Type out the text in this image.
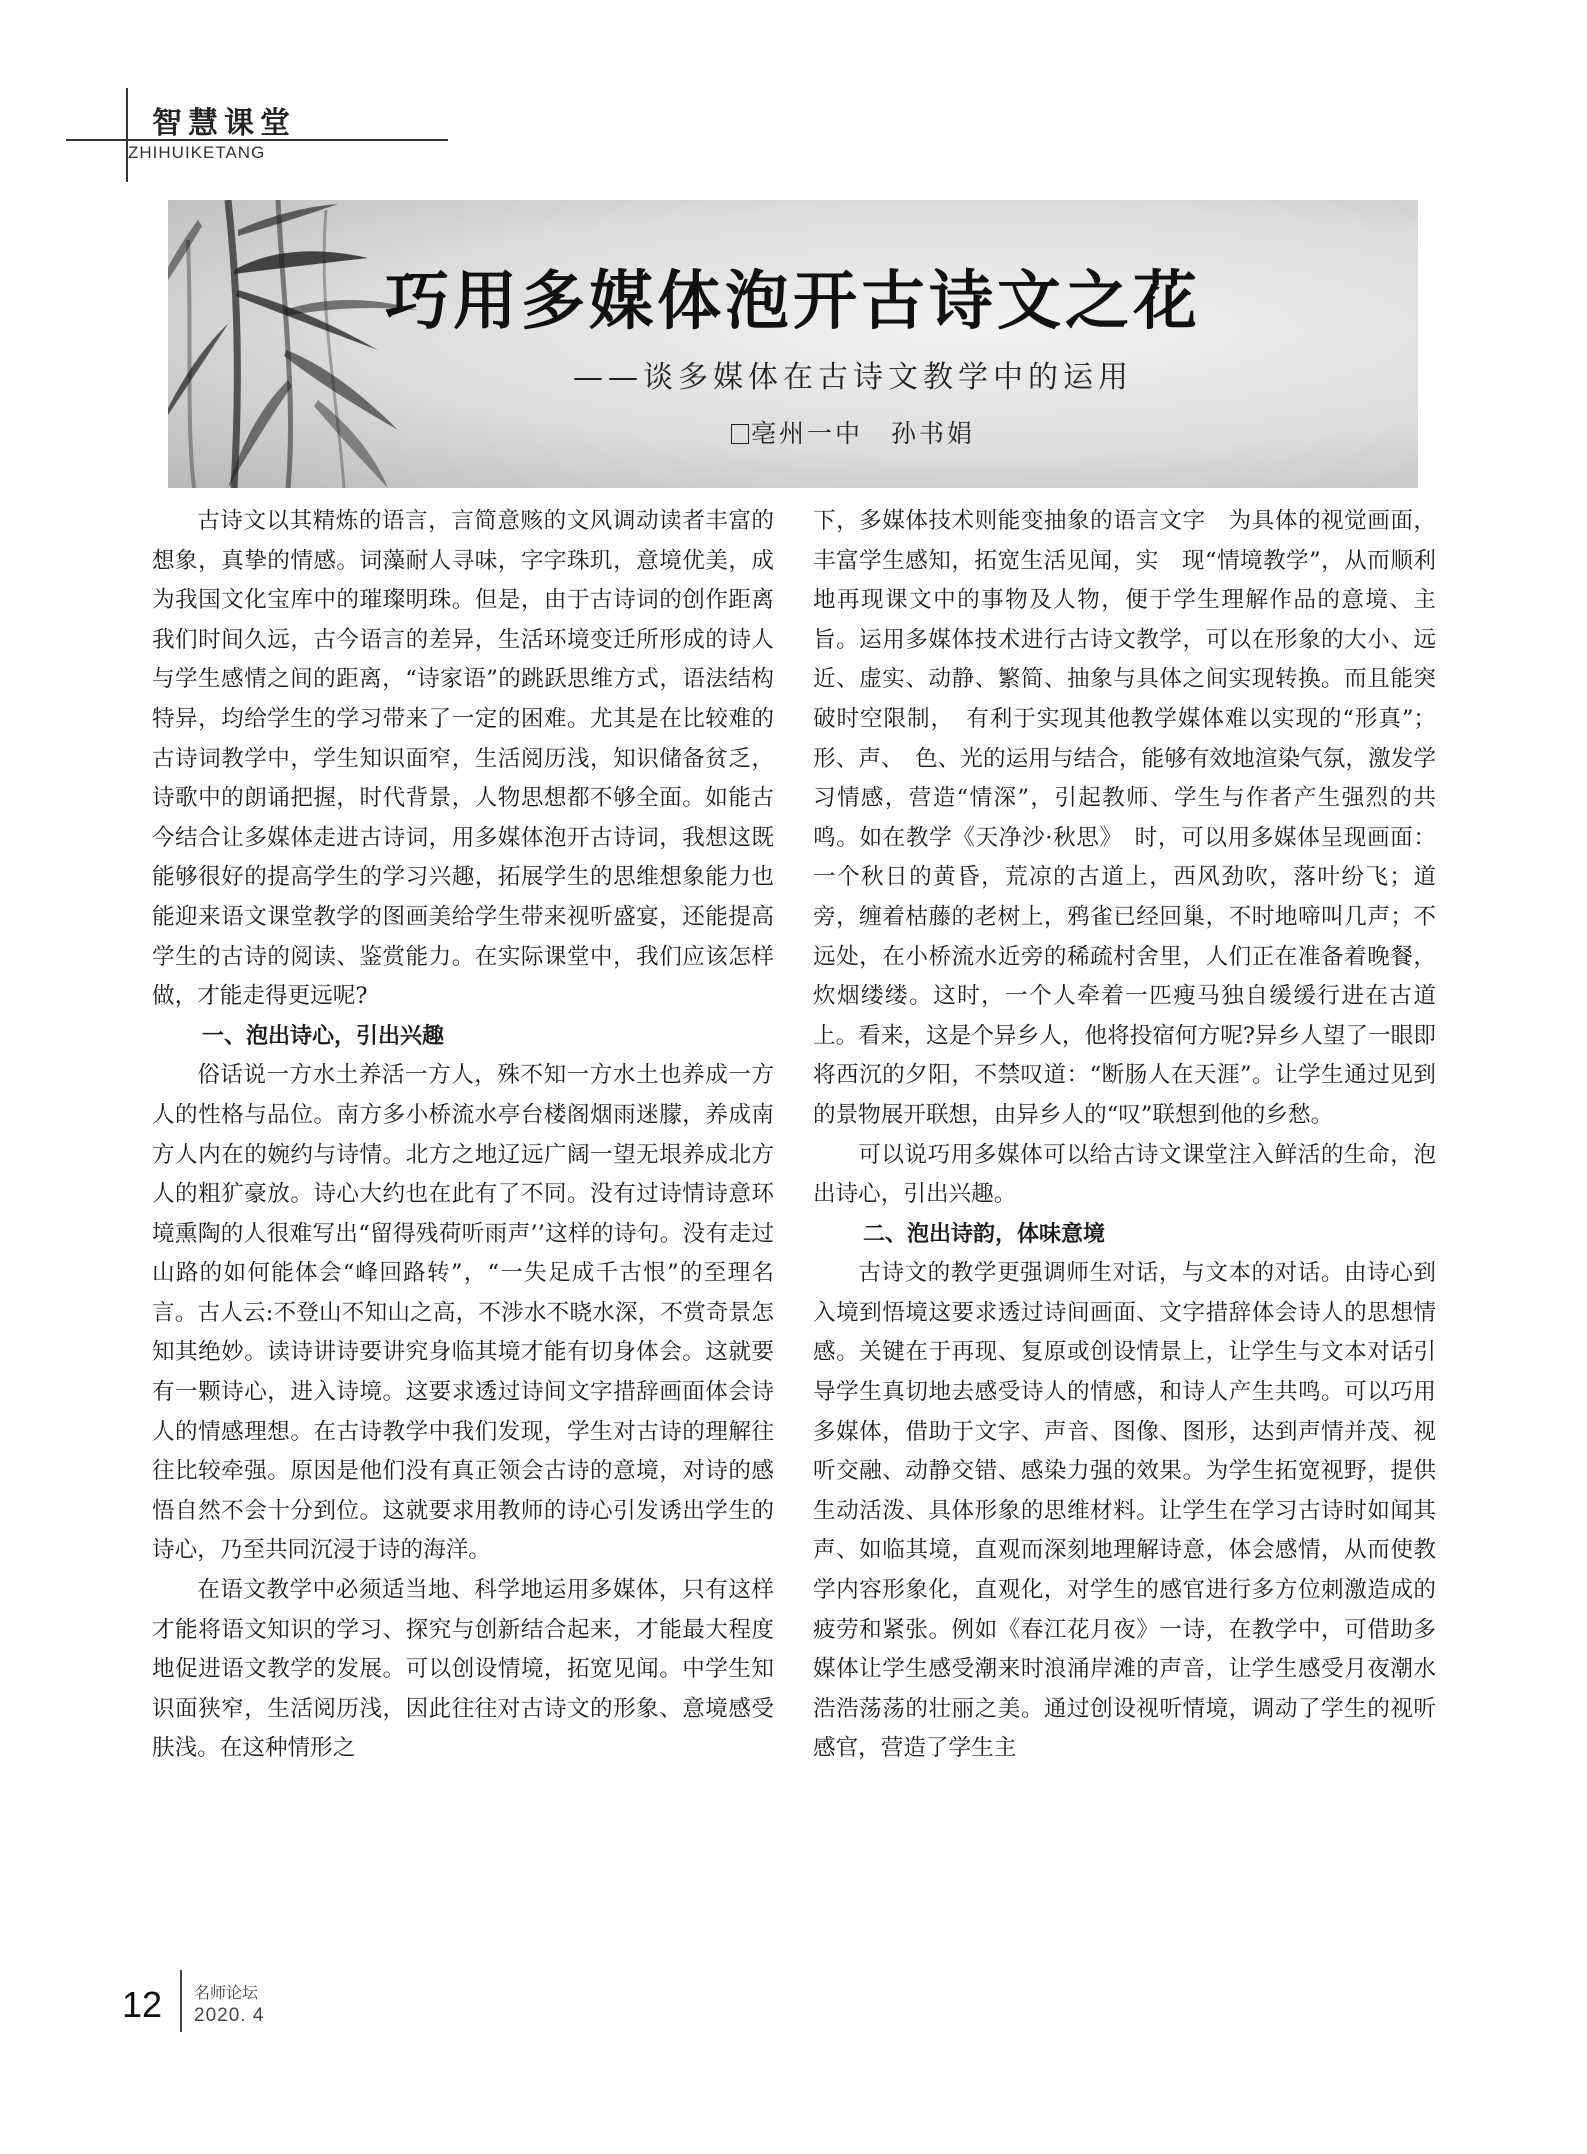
智慧课堂
ZHIHUIKETANG
巧用多媒体泡开古诗文之花
——谈多媒体在古诗文教学中的运用
亳州一中　孙书娟

古诗文以其精炼的语言，言简意赅的文风调动读者丰富的想象，真挚的情感。词藻耐人寻味，字字珠玑，意境优美，成为我国文化宝库中的璀璨明珠。但是，由于古诗词的创作距离我们时间久远，古今语言的差异，生活环境变迁所形成的诗人与学生感情之间的距离，“诗家语”的跳跃思维方式，语法结构特异，均给学生的学习带来了一定的困难。尤其是在比较难的古诗词教学中，学生知识面窄，生活阅历浅，知识储备贫乏，诗歌中的朗诵把握，时代背景，人物思想都不够全面。如能古今结合让多媒体走进古诗词，用多媒体泡开古诗词，我想这既能够很好的提高学生的学习兴趣，拓展学生的思维想象能力也能迎来语文课堂教学的图画美给学生带来视听盛宴，还能提高学生的古诗的阅读、鉴赏能力。在实际课堂中，我们应该怎样做，才能走得更远呢?

一、泡出诗心，引出兴趣

俗话说一方水土养活一方人，殊不知一方水土也养成一方人的性格与品位。南方多小桥流水亭台楼阁烟雨迷朦，养成南方人内在的婉约与诗情。北方之地辽远广阔一望无垠养成北方人的粗犷豪放。诗心大约也在此有了不同。没有过诗情诗意环境熏陶的人很难写出“留得残荷听雨声’’这样的诗句。没有走过山路的如何能体会“峰回路转”，“一失足成千古恨”的至理名言。古人云:不登山不知山之高，不涉水不晓水深，不赏奇景怎知其绝妙。读诗讲诗要讲究身临其境才能有切身体会。这就要有一颗诗心，进入诗境。这要求透过诗间文字措辞画面体会诗人的情感理想。在古诗教学中我们发现，学生对古诗的理解往往比较牵强。原因是他们没有真正领会古诗的意境，对诗的感悟自然不会十分到位。这就要求用教师的诗心引发诱出学生的诗心，乃至共同沉浸于诗的海洋。

在语文教学中必须适当地、科学地运用多媒体，只有这样才能将语文知识的学习、探究与创新结合起来，才能最大程度地促进语文教学的发展。可以创设情境，拓宽见闻。中学生知识面狭窄，生活阅历浅，因此往往对古诗文的形象、意境感受肤浅。在这种情形之

下，多媒体技术则能变抽象的语言文字　为具体的视觉画面，丰富学生感知，拓宽生活见闻，实　现“情境教学”，从而顺利地再现课文中的事物及人物，便于学生理解作品的意境、主旨。运用多媒体技术进行古诗文教学，可以在形象的大小、远近、虚实、动静、繁简、抽象与具体之间实现转换。而且能突破时空限制，　有利于实现其他教学媒体难以实现的“形真”；形、声、　色、光的运用与结合，能够有效地渲染气氛，激发学习情感，营造“情深”，引起教师、学生与作者产生强烈的共鸣。如在教学《天净沙·秋思》　时，可以用多媒体呈现画面：一个秋日的黄昏，荒凉的古道上，西风劲吹，落叶纷飞；道旁，缠着枯藤的老树上，鸦雀已经回巢，不时地啼叫几声；不远处，在小桥流水近旁的稀疏村舍里，人们正在准备着晚餐，炊烟缕缕。这时，一个人牵着一匹瘦马独自缓缓行进在古道上。看来，这是个异乡人，他将投宿何方呢?异乡人望了一眼即将西沉的夕阳，不禁叹道：“断肠人在天涯”。让学生通过见到的景物展开联想，由异乡人的“叹”联想到他的乡愁。

可以说巧用多媒体可以给古诗文课堂注入鲜活的生命，泡出诗心，引出兴趣。

二、泡出诗韵，体味意境

古诗文的教学更强调师生对话，与文本的对话。由诗心到入境到悟境这要求透过诗间画面、文字措辞体会诗人的思想情感。关键在于再现、复原或创设情景上，让学生与文本对话引导学生真切地去感受诗人的情感，和诗人产生共鸣。可以巧用多媒体，借助于文字、声音、图像、图形，达到声情并茂、视听交融、动静交错、感染力强的效果。为学生拓宽视野，提供生动活泼、具体形象的思维材料。让学生在学习古诗时如闻其声、如临其境，直观而深刻地理解诗意，体会感情，从而使教学内容形象化，直观化，对学生的感官进行多方位刺激造成的疲劳和紧张。例如《春江花月夜》一诗，在教学中，可借助多媒体让学生感受潮来时浪涌岸滩的声音，让学生感受月夜潮水浩浩荡荡的壮丽之美。通过创设视听情境，调动了学生的视听感官，营造了学生主

12 名师论坛
2020. 4
